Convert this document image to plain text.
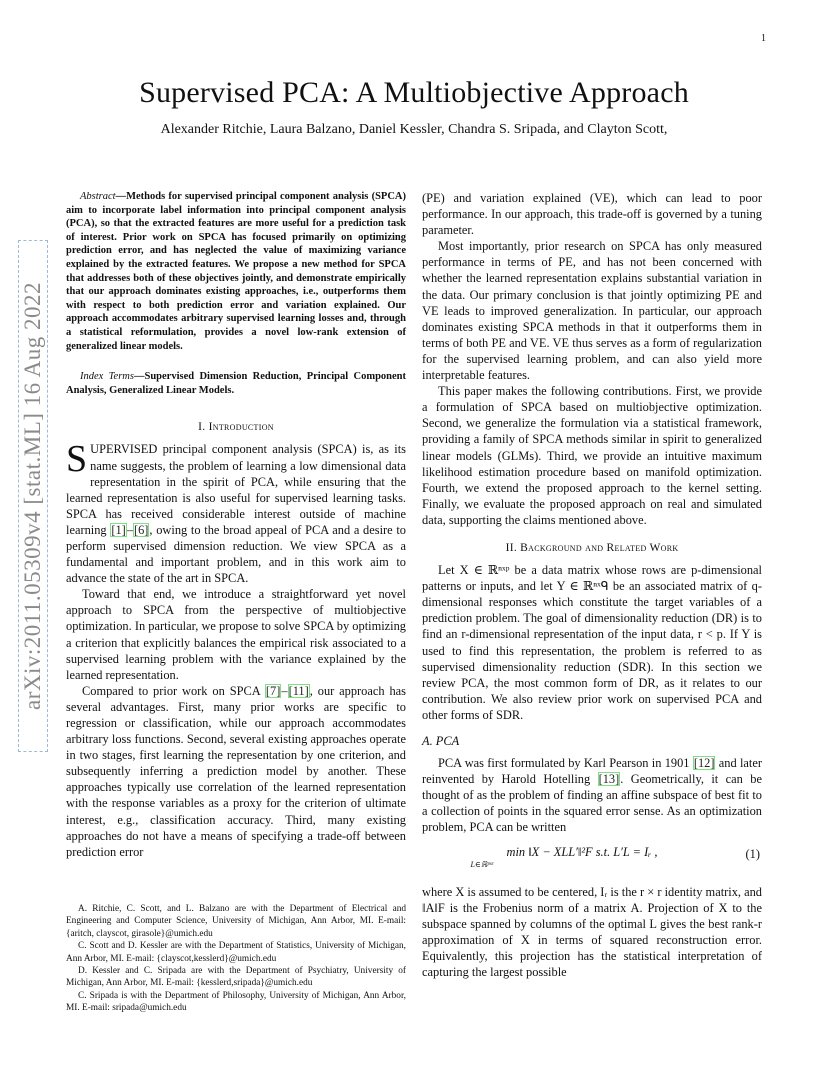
1
arXiv:2011.05309v4 [stat.ML] 16 Aug 2022
Supervised PCA: A Multiobjective Approach
Alexander Ritchie, Laura Balzano, Daniel Kessler, Chandra S. Sripada, and Clayton Scott,

Abstract—Methods for supervised principal component analysis (SPCA) aim to incorporate label information into principal component analysis (PCA), so that the extracted features are more useful for a prediction task of interest. Prior work on SPCA has focused primarily on optimizing prediction error, and has neglected the value of maximizing variance explained by the extracted features. We propose a new method for SPCA that addresses both of these objectives jointly, and demonstrate empirically that our approach dominates existing approaches, i.e., outperforms them with respect to both prediction error and variation explained. Our approach accommodates arbitrary supervised learning losses and, through a statistical reformulation, provides a novel low-rank extension of generalized linear models.

Index Terms—Supervised Dimension Reduction, Principal Component Analysis, Generalized Linear Models.

I. Introduction

SUPERVISED principal component analysis (SPCA) is, as its name suggests, the problem of learning a low dimensional data representation in the spirit of PCA, while ensuring that the learned representation is also useful for supervised learning tasks. SPCA has received considerable interest outside of machine learning [1]–[6], owing to the broad appeal of PCA and a desire to perform supervised dimension reduction. We view SPCA as a fundamental and important problem, and in this work aim to advance the state of the art in SPCA.

Toward that end, we introduce a straightforward yet novel approach to SPCA from the perspective of multiobjective optimization. In particular, we propose to solve SPCA by optimizing a criterion that explicitly balances the empirical risk associated to a supervised learning problem with the variance explained by the learned representation.

Compared to prior work on SPCA [7]–[11], our approach has several advantages. First, many prior works are specific to regression or classification, while our approach accommodates arbitrary loss functions. Second, several existing approaches operate in two stages, first learning the representation by one criterion, and subsequently inferring a prediction model by another. These approaches typically use correlation of the learned representation with the response variables as a proxy for the criterion of ultimate interest, e.g., classification accuracy. Third, many existing approaches do not have a means of specifying a trade-off between prediction error

A. Ritchie, C. Scott, and L. Balzano are with the Department of Electrical and Engineering and Computer Science, University of Michigan, Ann Arbor, MI. E-mail: {aritch, clayscot, girasole}@umich.edu

C. Scott and D. Kessler are with the Department of Statistics, University of Michigan, Ann Arbor, MI. E-mail: {clayscot,kesslerd}@umich.edu

D. Kessler and C. Sripada are with the Department of Psychiatry, University of Michigan, Ann Arbor, MI. E-mail: {kesslerd,sripada}@umich.edu

C. Sripada is with the Department of Philosophy, University of Michigan, Ann Arbor, MI. E-mail: sripada@umich.edu

(PE) and variation explained (VE), which can lead to poor performance. In our approach, this trade-off is governed by a tuning parameter.

Most importantly, prior research on SPCA has only measured performance in terms of PE, and has not been concerned with whether the learned representation explains substantial variation in the data. Our primary conclusion is that jointly optimizing PE and VE leads to improved generalization. In particular, our approach dominates existing SPCA methods in that it outperforms them in terms of both PE and VE. VE thus serves as a form of regularization for the supervised learning problem, and can also yield more interpretable features.

This paper makes the following contributions. First, we provide a formulation of SPCA based on multiobjective optimization. Second, we generalize the formulation via a statistical framework, providing a family of SPCA methods similar in spirit to generalized linear models (GLMs). Third, we provide an intuitive maximum likelihood estimation procedure based on manifold optimization. Fourth, we extend the proposed approach to the kernel setting. Finally, we evaluate the proposed approach on real and simulated data, supporting the claims mentioned above.

II. Background and Related Work

Let X ∈ ℝⁿˣᵖ be a data matrix whose rows are p-dimensional patterns or inputs, and let Y ∈ ℝⁿˣᑫ be an associated matrix of q-dimensional responses which constitute the target variables of a prediction problem. The goal of dimensionality reduction (DR) is to find an r-dimensional representation of the input data, r < p. If Y is used to find this representation, the problem is referred to as supervised dimensionality reduction (SDR). In this section we review PCA, the most common form of DR, as it relates to our contribution. We also review prior work on supervised PCA and other forms of SDR.

A. PCA

PCA was first formulated by Karl Pearson in 1901 [12] and later reinvented by Harold Hotelling [13]. Geometrically, it can be thought of as the problem of finding an affine subspace of best fit to a collection of points in the squared error sense. As an optimization problem, PCA can be written

min ‖X − XLL′‖²F s.t. L′L = Iᵣ ,
L∈ℝᵖˣʳ
(1)

where X is assumed to be centered, Iᵣ is the r × r identity matrix, and ‖A‖F is the Frobenius norm of a matrix A. Projection of X to the subspace spanned by columns of the optimal L gives the best rank-r approximation of X in terms of squared reconstruction error. Equivalently, this projection has the statistical interpretation of capturing the largest possible
